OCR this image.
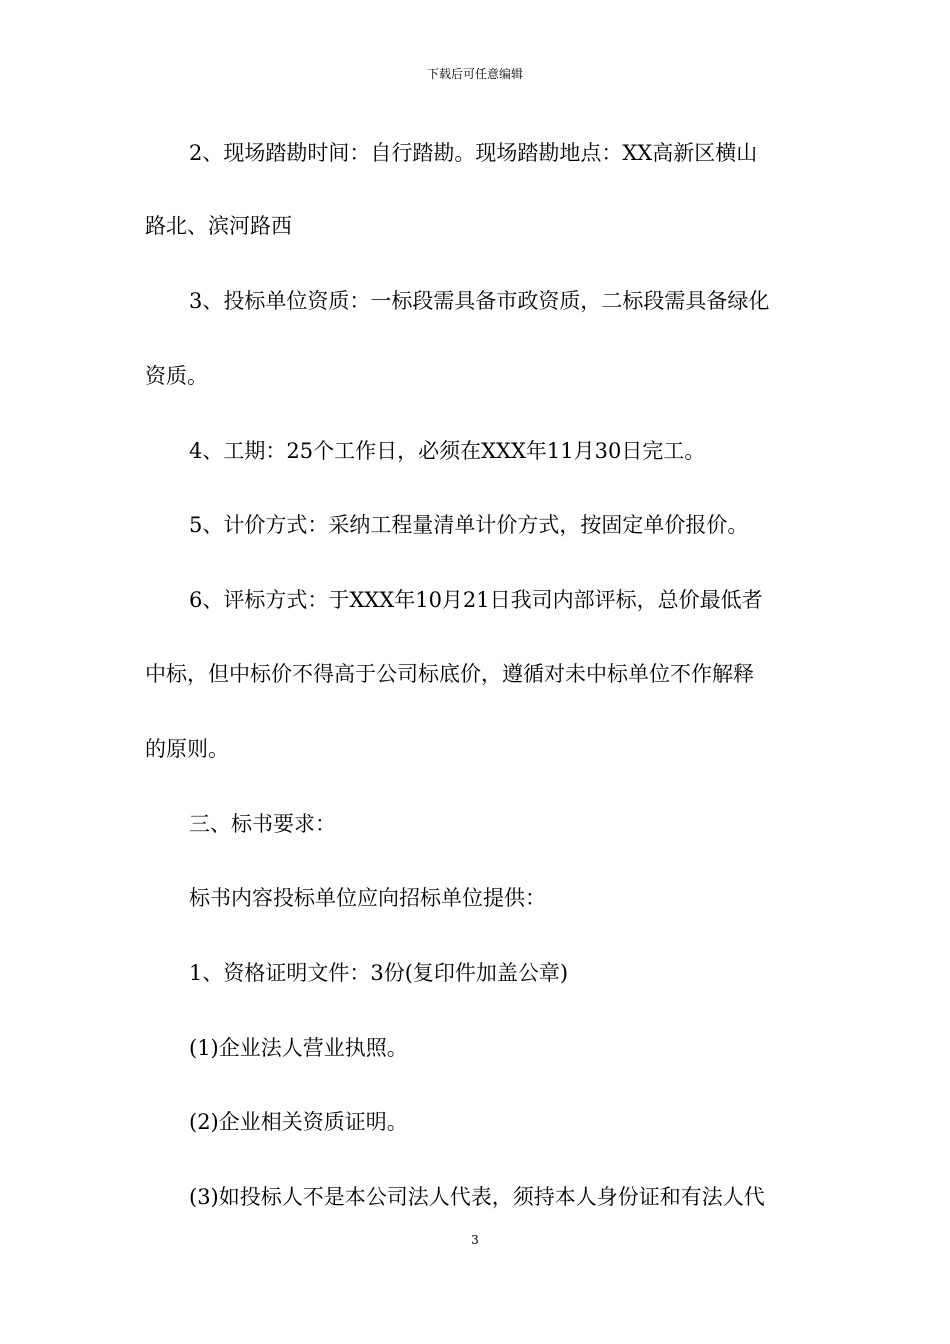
下载后可任意编辑
2、现场踏勘时间：自行踏勘。现场踏勘地点：XX高新区横山
路北、滨河路西
3、投标单位资质：一标段需具备市政资质，二标段需具备绿化
资质。
4、工期：25个工作日，必须在XXX年11月30日完工。
5、计价方式：采纳工程量清单计价方式，按固定单价报价。
6、评标方式：于XXX年10月21日我司内部评标，总价最低者
中标，但中标价不得高于公司标底价，遵循对未中标单位不作解释
的原则。
三、标书要求：
标书内容投标单位应向招标单位提供：
1、资格证明文件：3份(复印件加盖公章)
(1)企业法人营业执照。
(2)企业相关资质证明。
(3)如投标人不是本公司法人代表，须持本人身份证和有法人代
3
